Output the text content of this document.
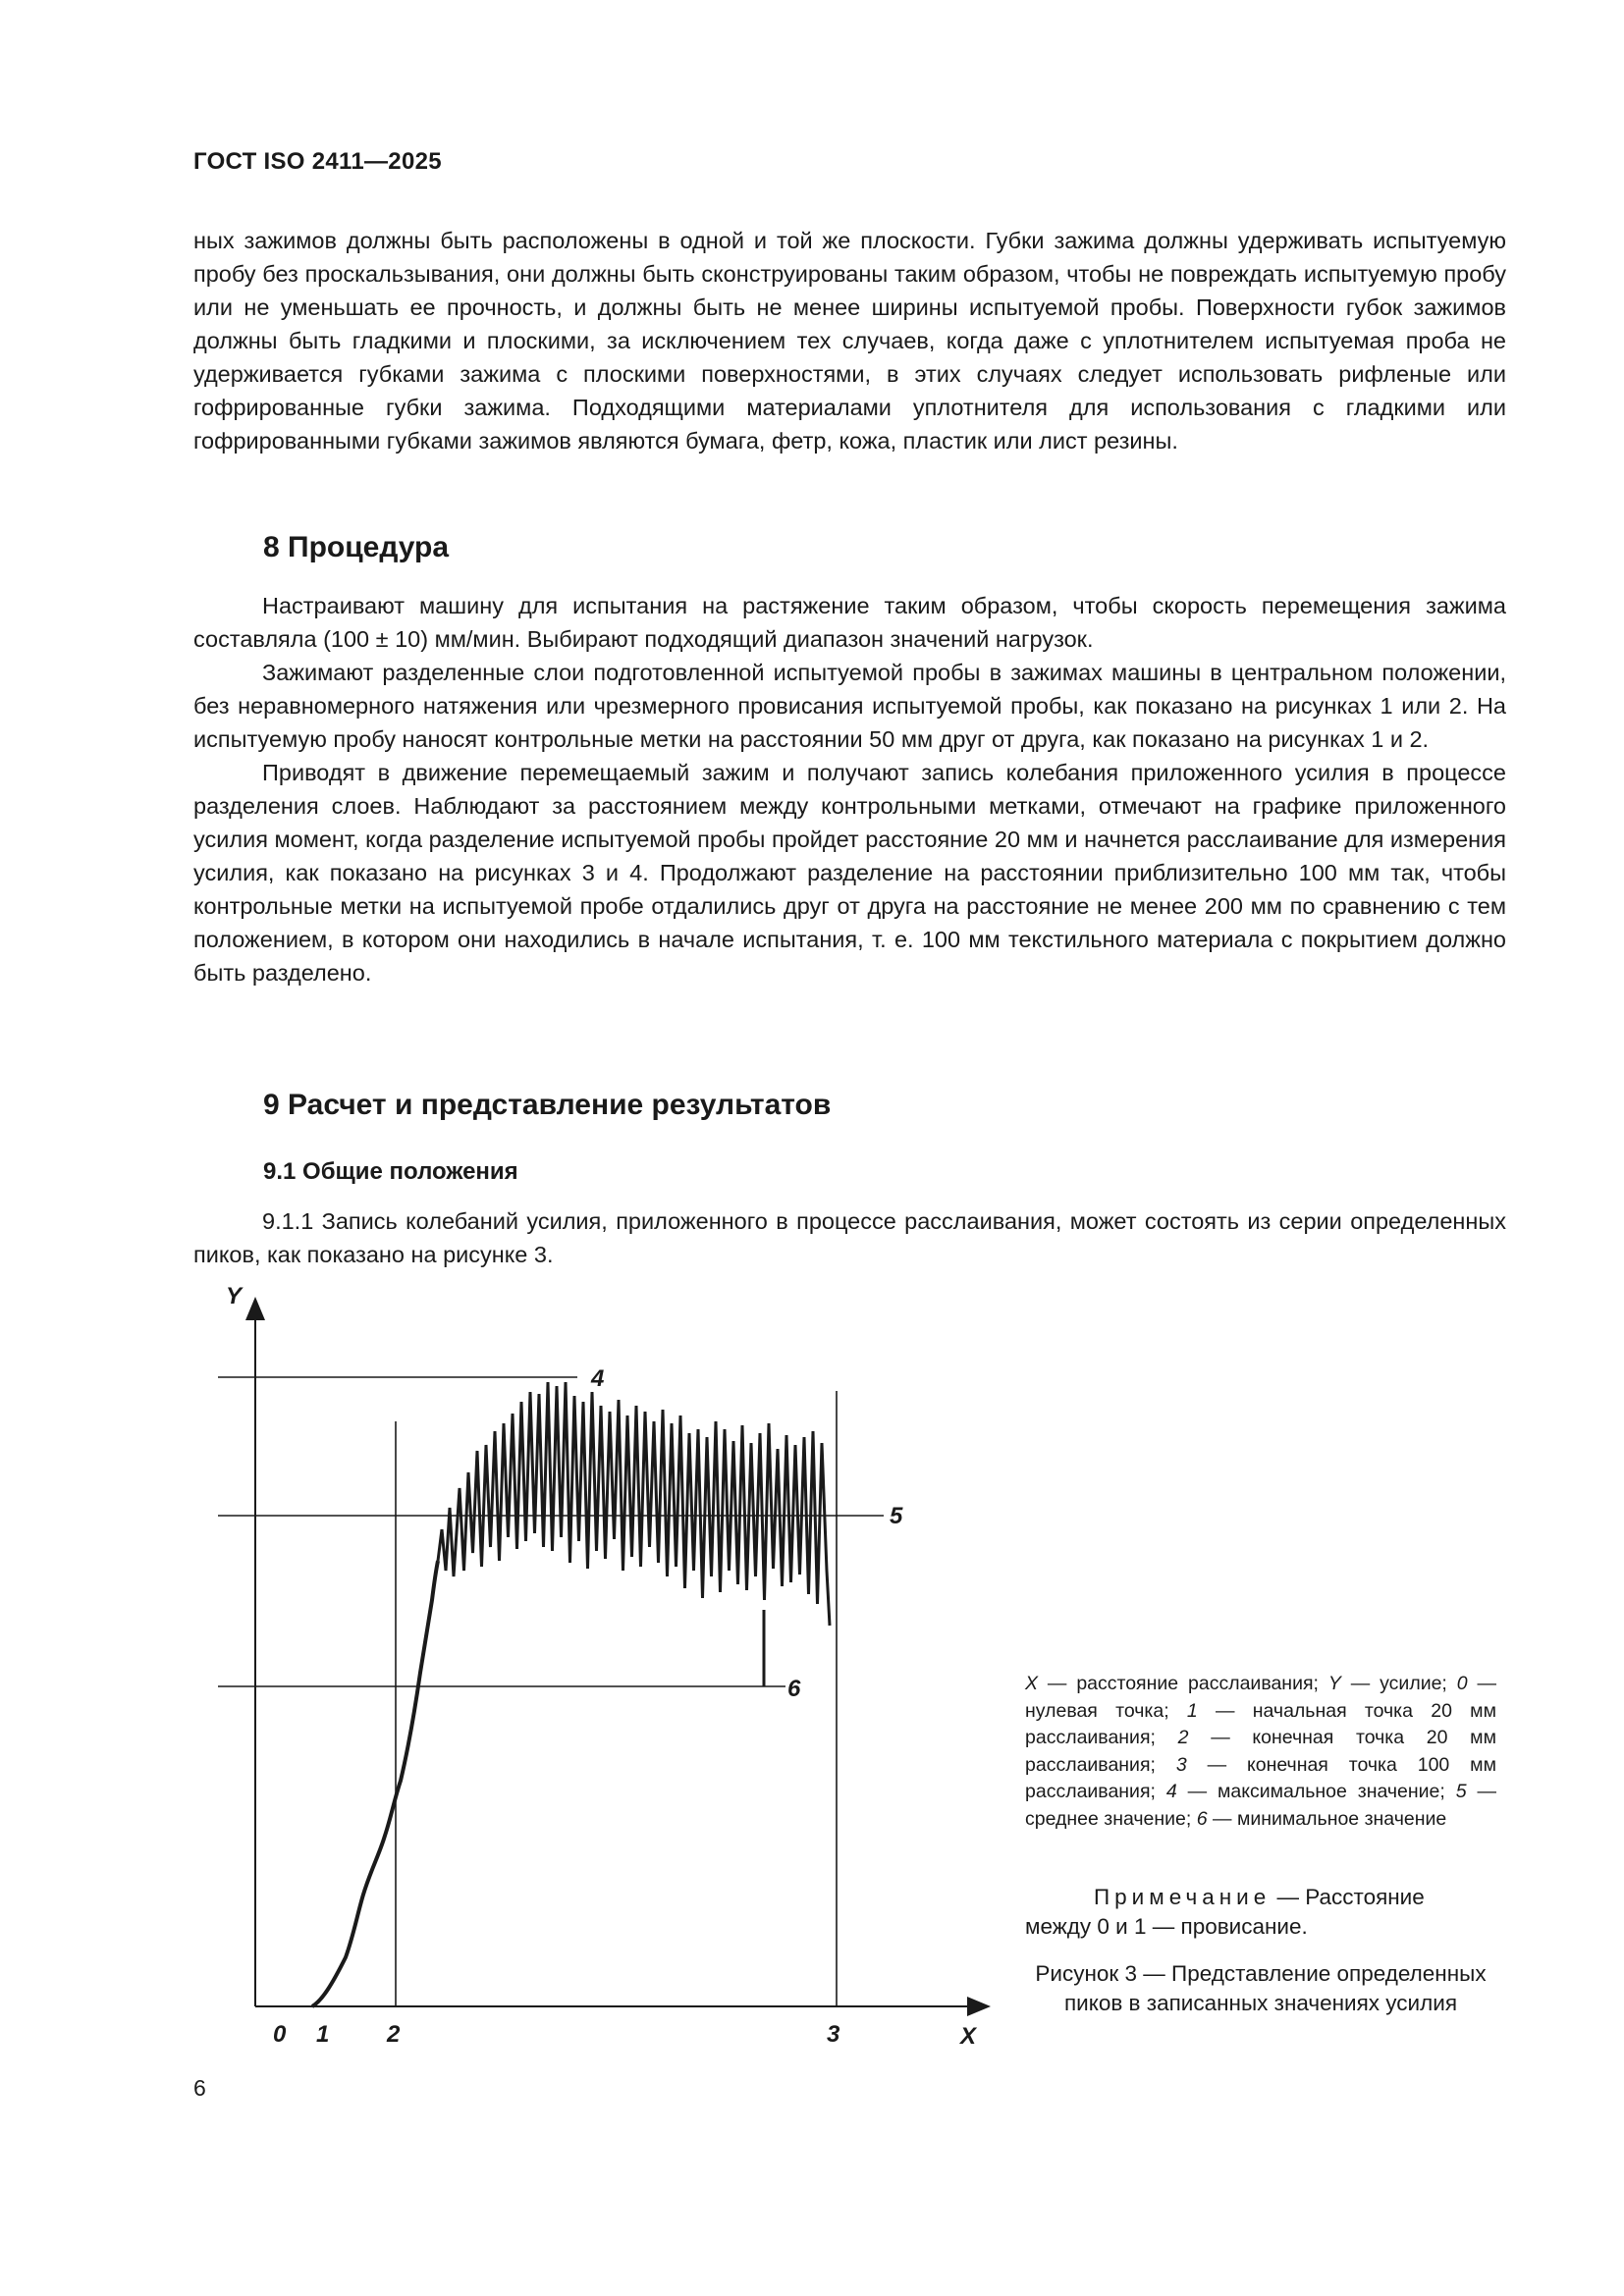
ГОСТ ISO 2411—2025

ных зажимов должны быть расположены в одной и той же плоскости. Губки зажима должны удерживать испытуемую пробу без проскальзывания, они должны быть сконструированы таким образом, чтобы не повреждать испытуемую пробу или не уменьшать ее прочность, и должны быть не менее ширины испытуемой пробы. Поверхности губок зажимов должны быть гладкими и плоскими, за исключением тех случаев, когда даже с уплотнителем испытуемая проба не удерживается губками зажима с плоскими поверхностями, в этих случаях следует использовать рифленые или гофрированные губки зажима. Подходящими материалами уплотнителя для использования с гладкими или гофрированными губками зажимов являются бумага, фетр, кожа, пластик или лист резины.

8 Процедура

Настраивают машину для испытания на растяжение таким образом, чтобы скорость перемещения зажима составляла (100 ± 10) мм/мин. Выбирают подходящий диапазон значений нагрузок.

Зажимают разделенные слои подготовленной испытуемой пробы в зажимах машины в центральном положении, без неравномерного натяжения или чрезмерного провисания испытуемой пробы, как показано на рисунках 1 или 2. На испытуемую пробу наносят контрольные метки на расстоянии 50 мм друг от друга, как показано на рисунках 1 и 2.

Приводят в движение перемещаемый зажим и получают запись колебания приложенного усилия в процессе разделения слоев. Наблюдают за расстоянием между контрольными метками, отмечают на графике приложенного усилия момент, когда разделение испытуемой пробы пройдет расстояние 20 мм и начнется расслаивание для измерения усилия, как показано на рисунках 3 и 4. Продолжают разделение на расстоянии приблизительно 100 мм так, чтобы контрольные метки на испытуемой пробе отдалились друг от друга на расстояние не менее 200 мм по сравнению с тем положением, в котором они находились в начале испытания, т. е. 100 мм текстильного материала с покрытием должно быть разделено.

9 Расчет и представление результатов
9.1 Общие положения

9.1.1 Запись колебаний усилия, приложенного в процессе расслаивания, может состоять из серии определенных пиков, как показано на рисунке 3.

Y
X
0 1 2	3
4
5
6	X — расстояние расслаивания; Y — усилие; 0 — нулевая точка; 1 — начальная точка 20 мм расслаивания; 2 — конечная точка 20 мм расслаивания; 3 — конечная точка 100 мм расслаивания; 4 — максимальное значение; 5 — среднее значение; 6 — минимальное значение
Примечание — Расстояние между 0 и 1 — провисание.
Рисунок 3 — Представление определенных пиков в записанных значениях усилия
6
